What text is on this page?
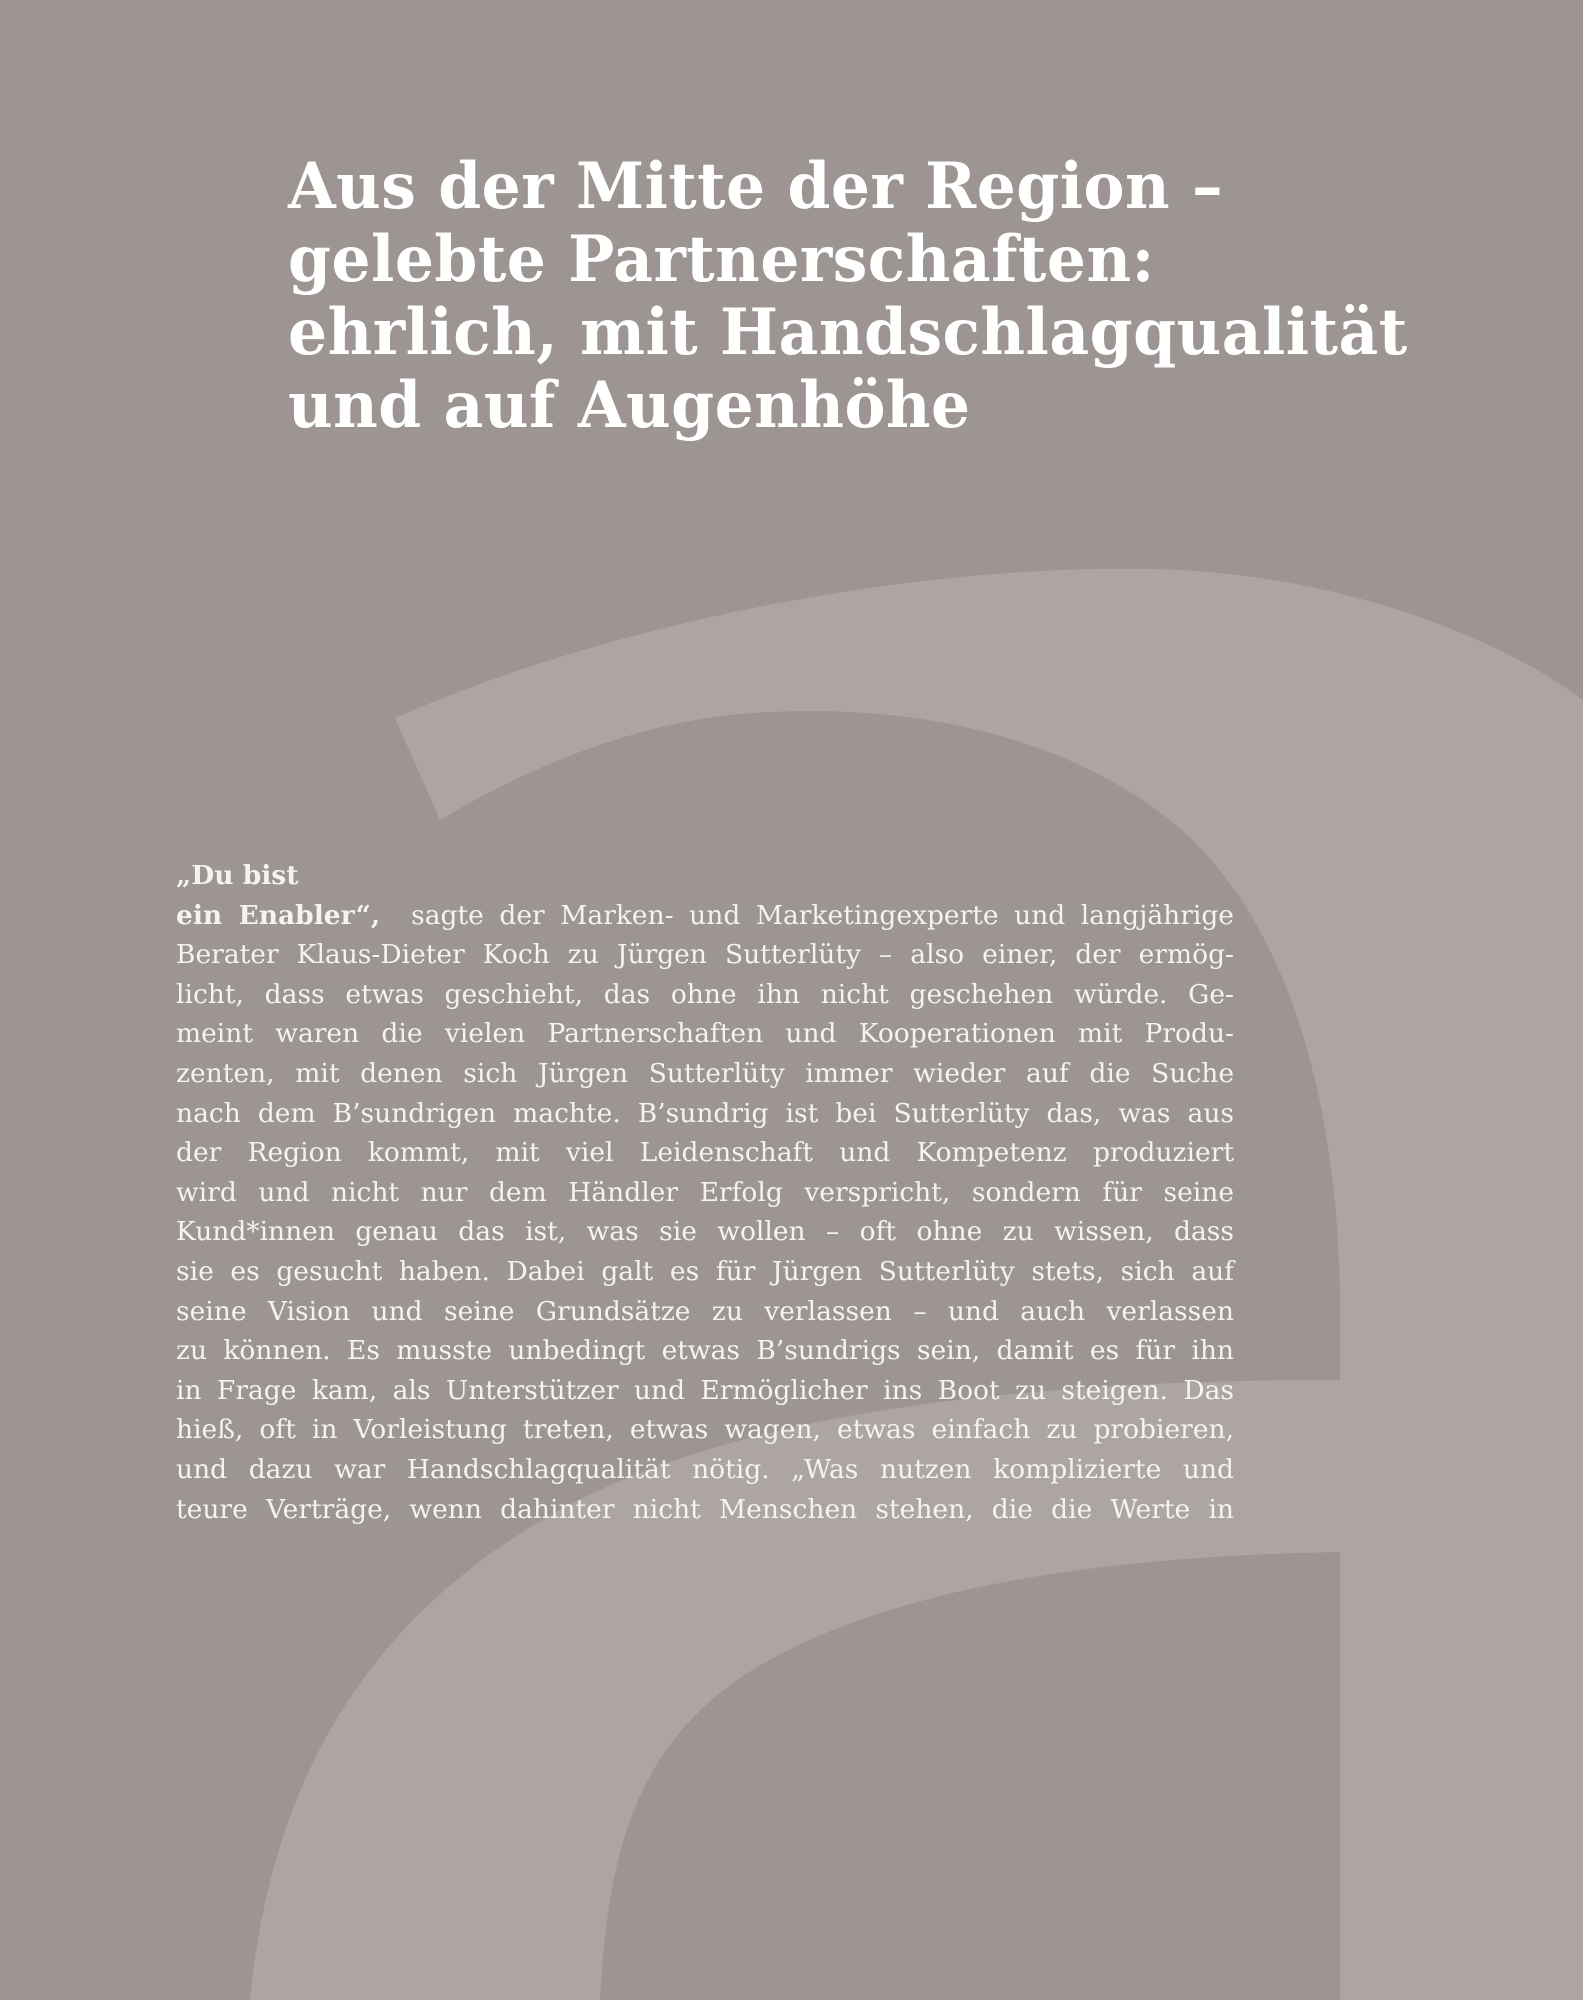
Aus der Mitte der Region –
gelebte Partnerschaften:
ehrlich, mit Handschlagqualität
und auf Augenhöhe
„Du bist
ein Enabler“, sagte der Marken- und Marketingexperte und langjährige
Berater Klaus-Dieter Koch zu Jürgen Sutterlüty – also einer, der ermög-
licht, dass etwas geschieht, das ohne ihn nicht geschehen würde. Ge-
meint waren die vielen Partnerschaften und Kooperationen mit Produ-
zenten, mit denen sich Jürgen Sutterlüty immer wieder auf die Suche
nach dem B’sundrigen machte. B’sundrig ist bei Sutterlüty das, was aus
der Region kommt, mit viel Leidenschaft und Kompetenz produziert
wird und nicht nur dem Händler Erfolg verspricht, sondern für seine
Kund*innen genau das ist, was sie wollen – oft ohne zu wissen, dass
sie es gesucht haben. Dabei galt es für Jürgen Sutterlüty stets, sich auf
seine Vision und seine Grundsätze zu verlassen – und auch verlassen
zu können. Es musste unbedingt etwas B’sundrigs sein, damit es für ihn
in Frage kam, als Unterstützer und Ermöglicher ins Boot zu steigen. Das
hieß, oft in Vorleistung treten, etwas wagen, etwas einfach zu probieren,
und dazu war Handschlagqualität nötig. „Was nutzen komplizierte und
teure Verträge, wenn dahinter nicht Menschen stehen, die die Werte in
